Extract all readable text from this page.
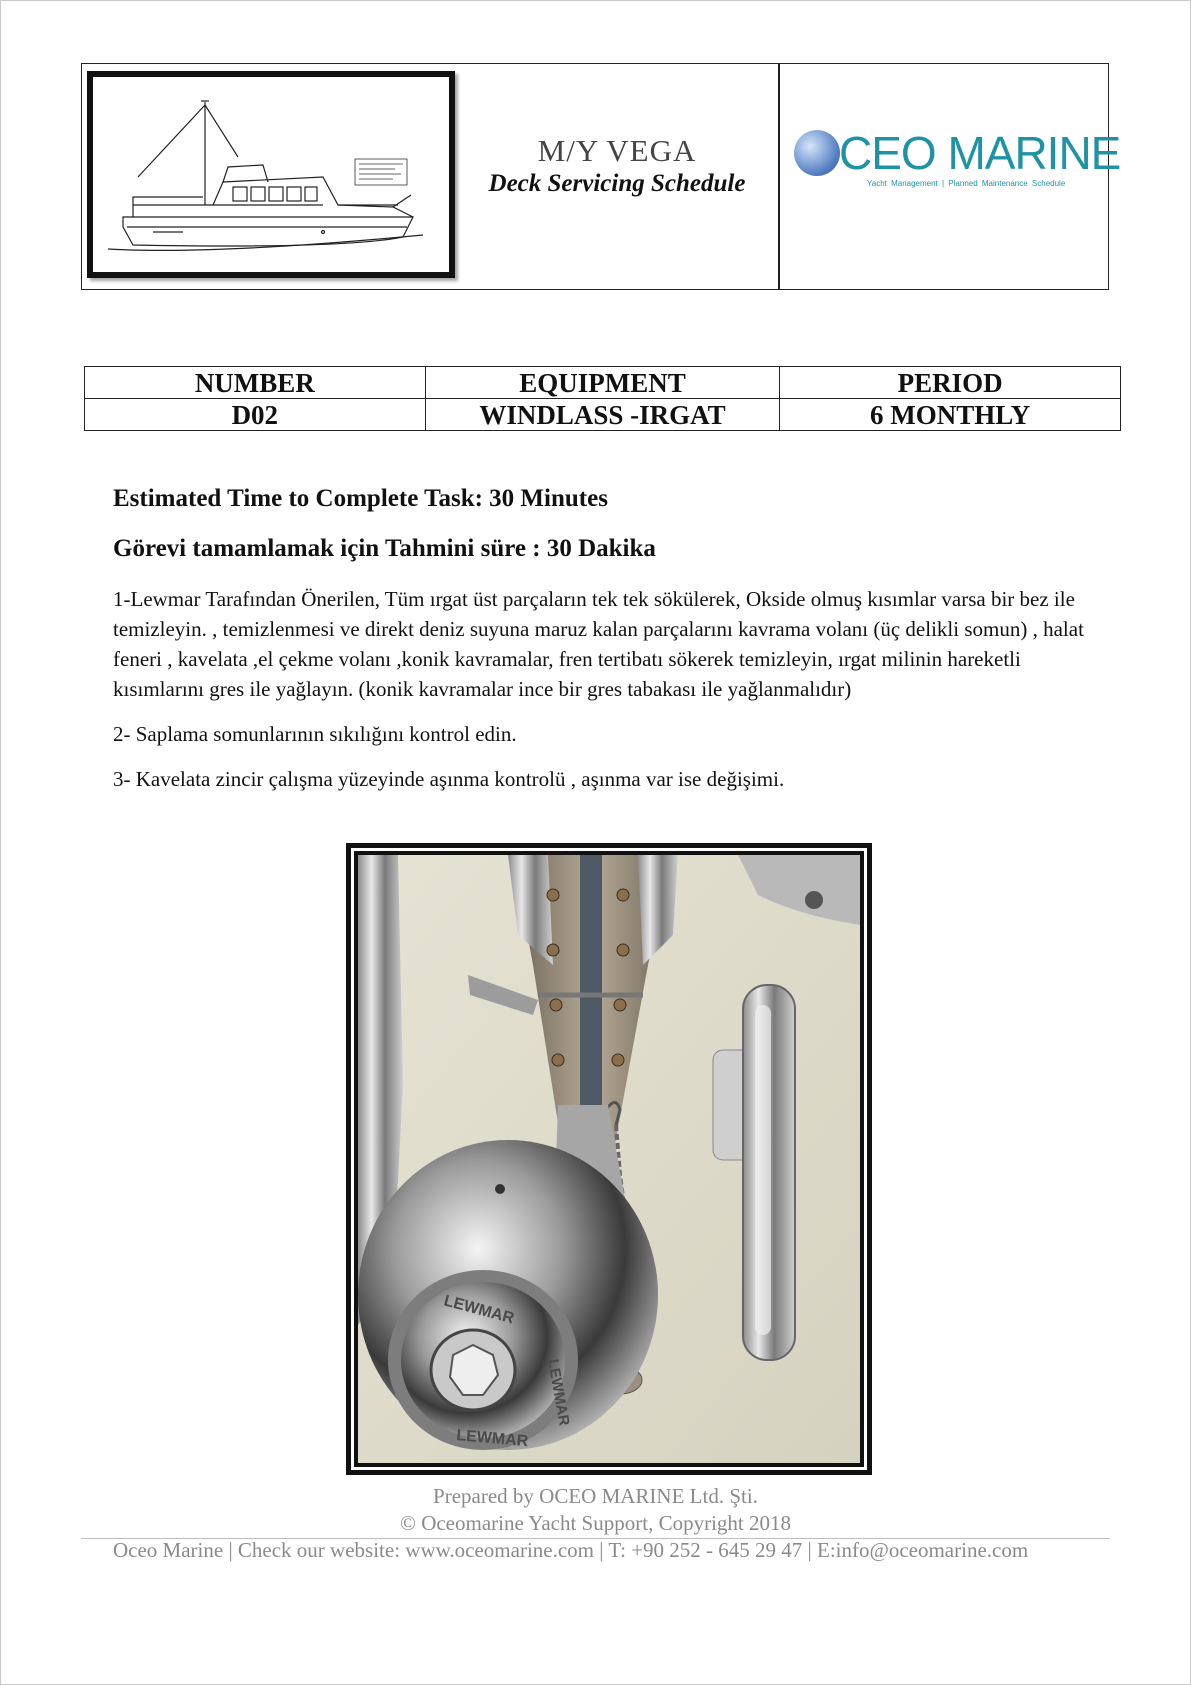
M/Y VEGA
Deck Servicing Schedule
CEO MARINE
Yacht Management | Planned Maintenance Schedule
NUMBER	EQUIPMENT	PERIOD
D02	WINDLASS -IRGAT	6 MONTHLY
Estimated Time to Complete Task: 30 Minutes
Görevi tamamlamak için Tahmini süre : 30 Dakika

1-Lewmar Tarafından Önerilen, Tüm ırgat üst parçaların tek tek sökülerek, Okside olmuş kısımlar varsa bir bez ile temizleyin. , temizlenmesi ve direkt deniz suyuna maruz kalan parçalarını kavrama volanı (üç delikli somun) , halat feneri , kavelata ,el çekme volanı ,konik kavramalar, fren tertibatı sökerek temizleyin, ırgat milinin hareketli kısımlarını gres ile yağlayın. (konik kavramalar ince bir gres tabakası ile yağlanmalıdır)

2- Saplama somunlarının sıkılığını kontrol edin.

3- Kavelata zincir çalışma yüzeyinde aşınma kontrolü , aşınma var ise değişimi.

LEWMAR
LEWMAR
LEWMAR
Prepared by OCEO MARINE Ltd. Şti.
© Oceomarine Yacht Support, Copyright 2018
Oceo Marine | Check our website: www.oceomarine.com | T: +90 252 - 645 29 47 | E:info@oceomarine.com
